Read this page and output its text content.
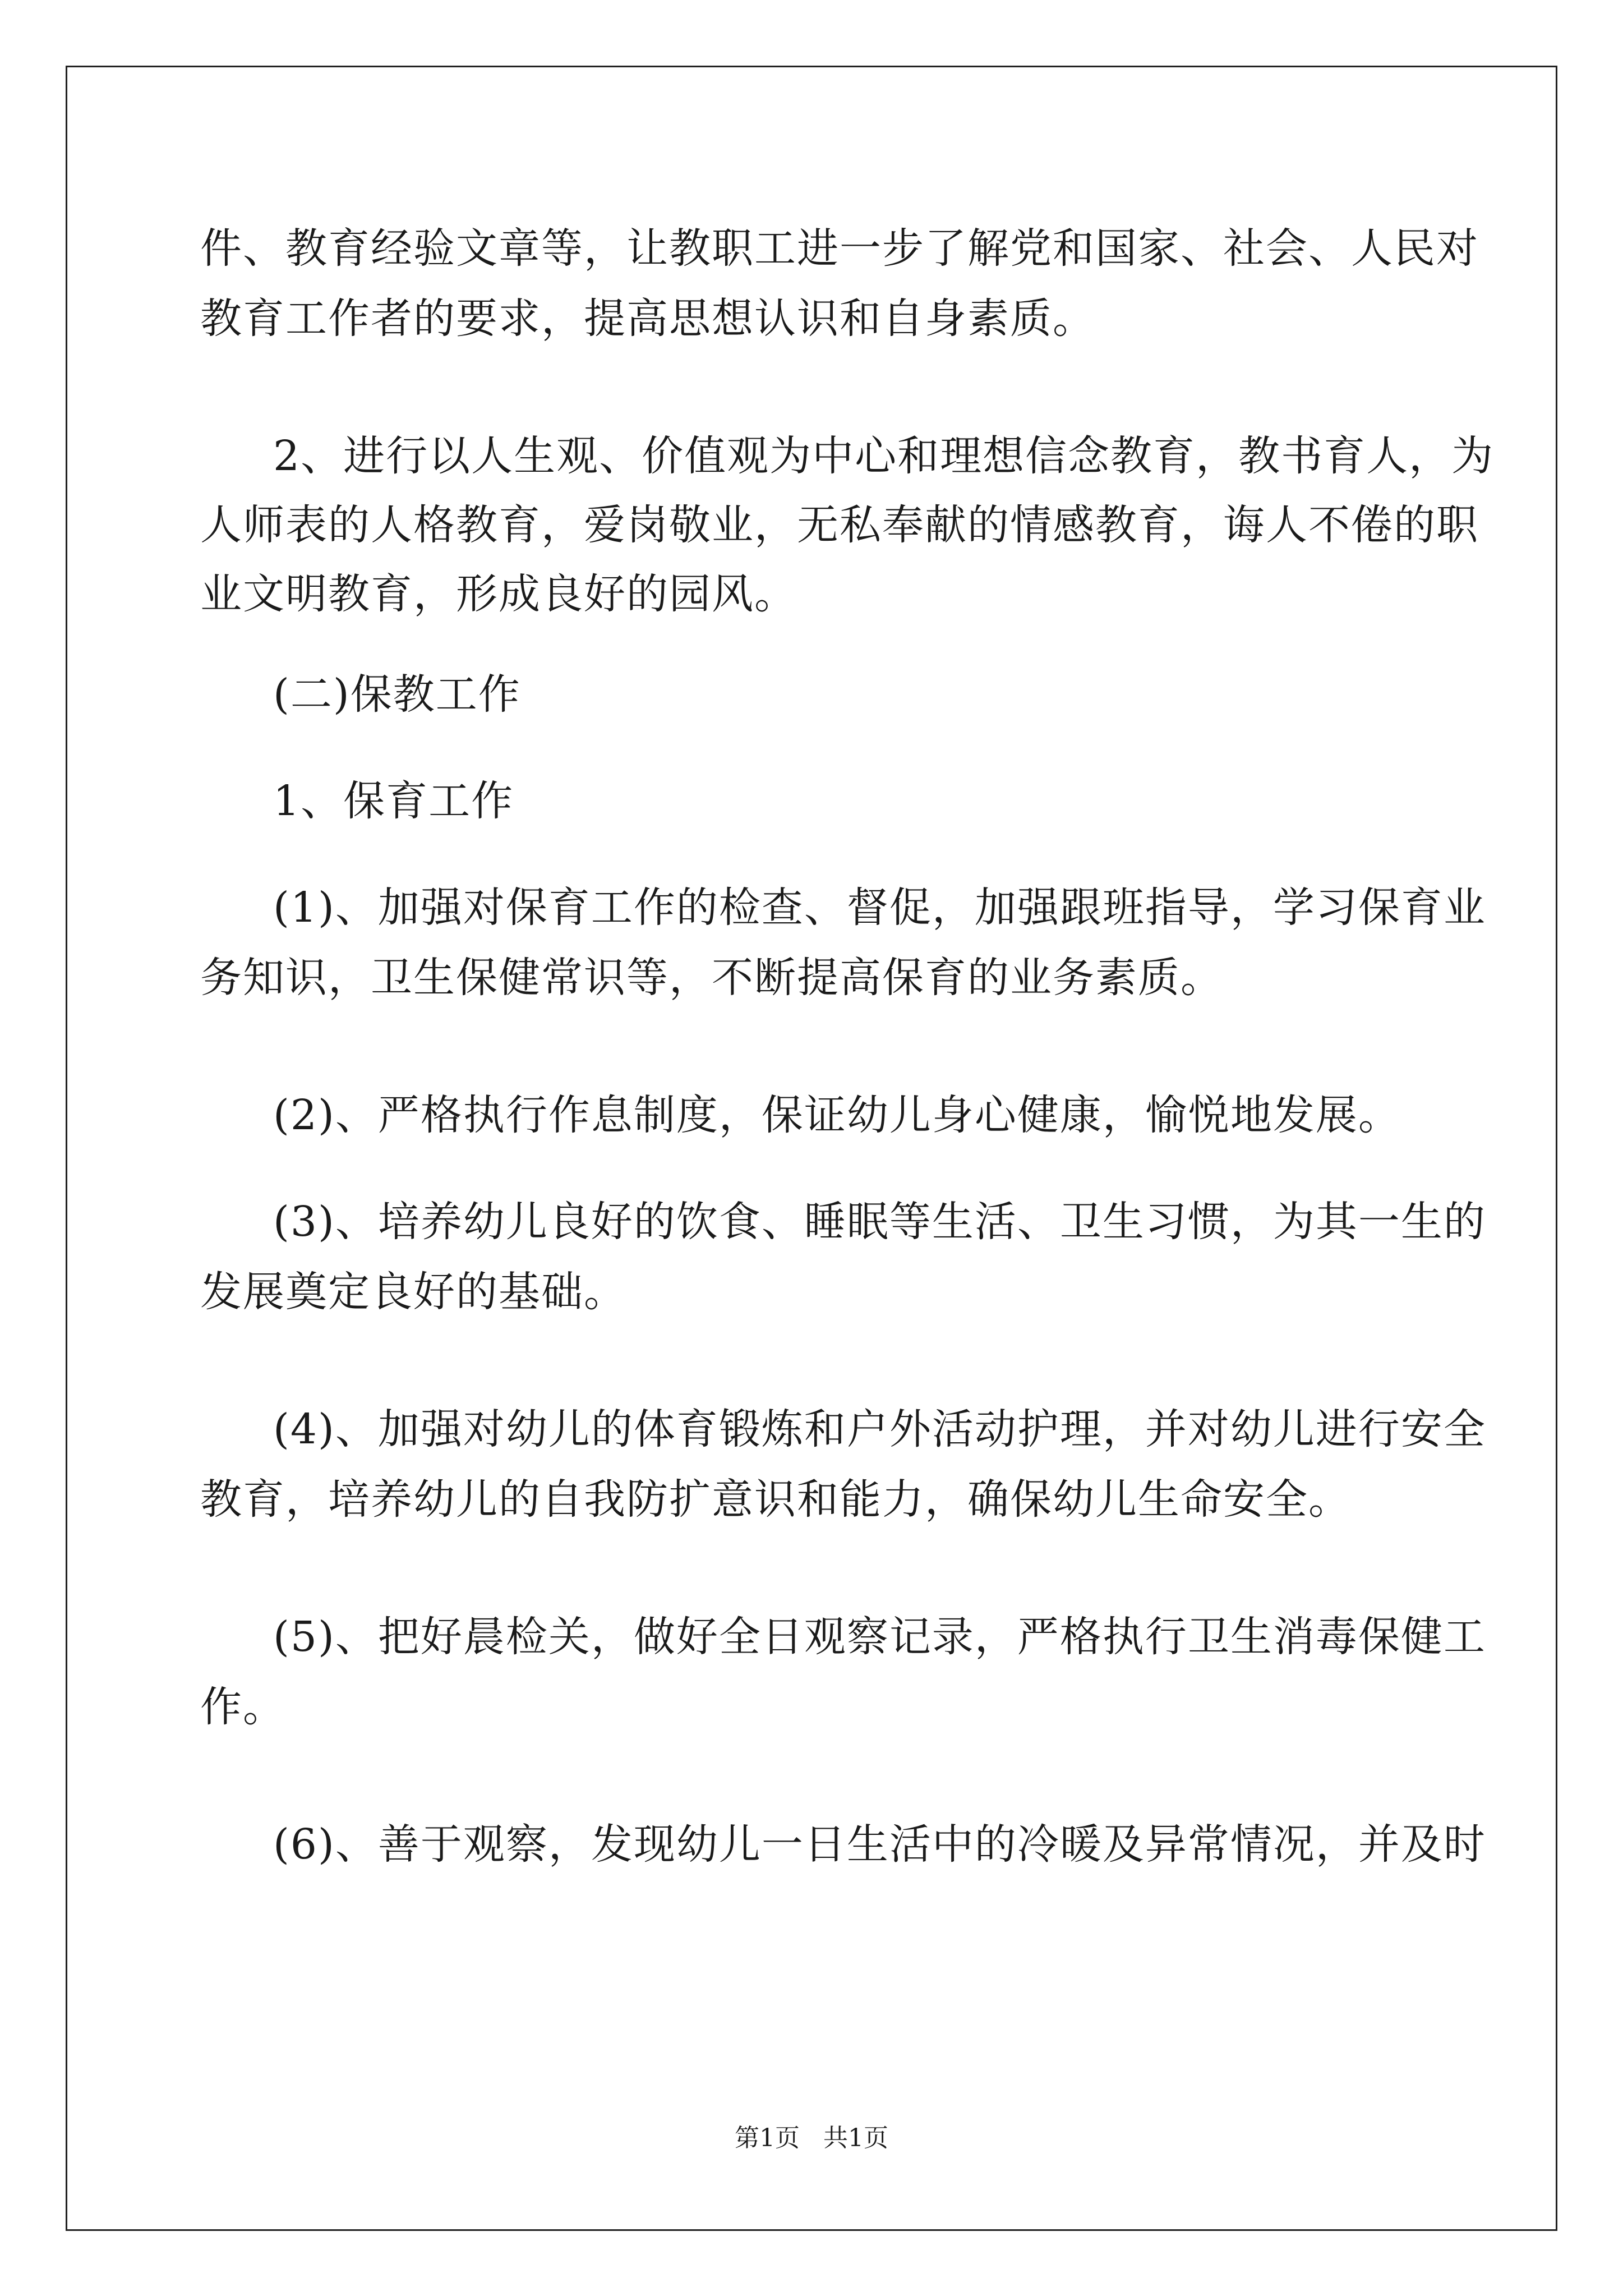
件、教育经验文章等，让教职工进一步了解党和国家、社会、人民对
教育工作者的要求，提高思想认识和自身素质。
2、进行以人生观、价值观为中心和理想信念教育，教书育人，为
人师表的人格教育，爱岗敬业，无私奉献的情感教育，诲人不倦的职
业文明教育，形成良好的园风。
(二)保教工作
1、保育工作
(1)、加强对保育工作的检查、督促，加强跟班指导，学习保育业
务知识，卫生保健常识等，不断提高保育的业务素质。
(2)、严格执行作息制度，保证幼儿身心健康，愉悦地发展。
(3)、培养幼儿良好的饮食、睡眠等生活、卫生习惯，为其一生的
发展奠定良好的基础。
(4)、加强对幼儿的体育锻炼和户外活动护理，并对幼儿进行安全
教育，培养幼儿的自我防扩意识和能力，确保幼儿生命安全。
(5)、把好晨检关，做好全日观察记录，严格执行卫生消毒保健工
作。
(6)、善于观察，发现幼儿一日生活中的冷暖及异常情况，并及时
第1页   共1页
